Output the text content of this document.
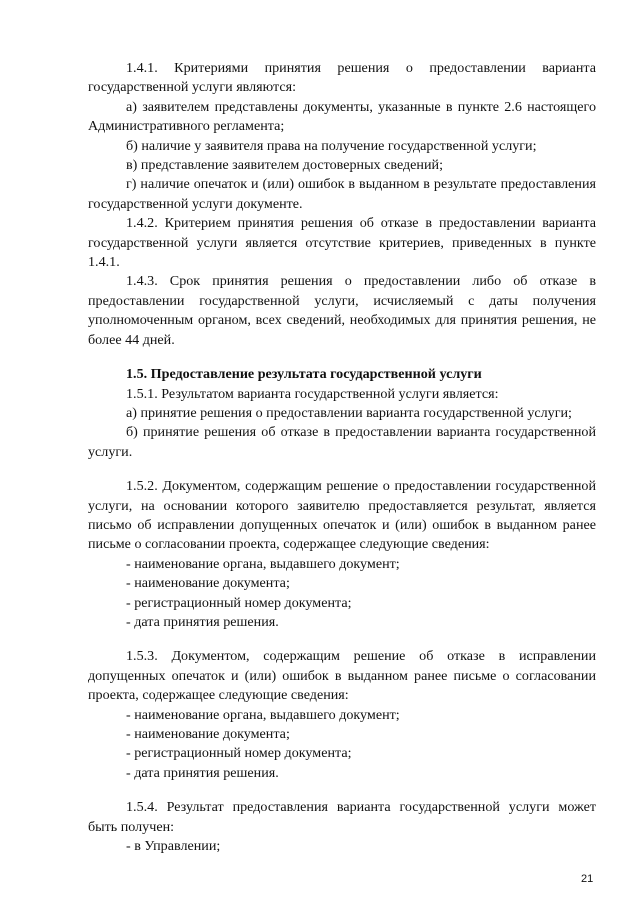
1.4.1. Критериями принятия решения о предоставлении варианта государственной услуги являются:

а) заявителем представлены документы, указанные в пункте 2.6 настоящего Административного регламента;

б) наличие у заявителя права на получение государственной услуги;

в) представление заявителем достоверных сведений;

г) наличие опечаток и (или) ошибок в выданном в результате предоставления государственной услуги документе.

1.4.2. Критерием принятия решения об отказе в предоставлении варианта государственной услуги является отсутствие критериев, приведенных в пункте 1.4.1.

1.4.3. Срок принятия решения о предоставлении либо об отказе в предоставлении государственной услуги, исчисляемый с даты получения уполномоченным органом, всех сведений, необходимых для принятия решения, не более 44 дней.

1.5. Предоставление результата государственной услуги

1.5.1. Результатом варианта государственной услуги является:

а) принятие решения о предоставлении варианта государственной услуги;

б) принятие решения об отказе в предоставлении варианта государственной услуги.

1.5.2. Документом, содержащим решение о предоставлении государственной услуги, на основании которого заявителю предоставляется результат, является письмо об исправлении допущенных опечаток и (или) ошибок в выданном ранее письме о согласовании проекта, содержащее следующие сведения:

- наименование органа, выдавшего документ;

- наименование документа;

- регистрационный номер документа;

- дата принятия решения.

1.5.3. Документом, содержащим решение об отказе в исправлении допущенных опечаток и (или) ошибок в выданном ранее письме о согласовании проекта, содержащее следующие сведения:

- наименование органа, выдавшего документ;

- наименование документа;

- регистрационный номер документа;

- дата принятия решения.

1.5.4. Результат предоставления варианта государственной услуги может быть получен:

- в Управлении;

21
